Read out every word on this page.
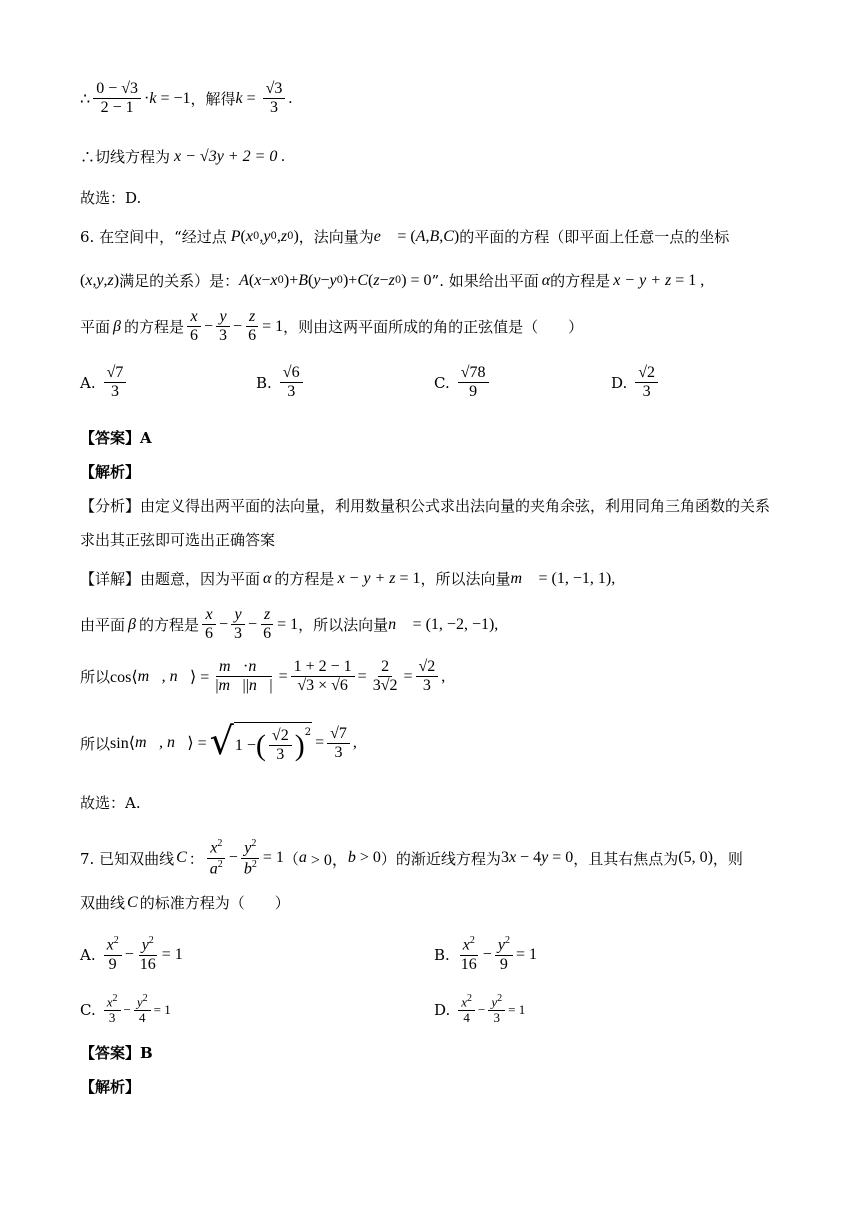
∴ $\frac{0 - √3}{2 - 1} \cdot k = -1$ ，解得 $k = \frac{√3}{3}$ .
∴切线方程为 x − √3y + 2 = 0 .
故选：D.
6. 在空间中，“经过点 P ( x 0 , y 0 , z 0 ) ，法向量为 e⃗ = ( A , B , C ) 的平面的方程（即平面上任意一点的坐标
( x , y , z ) 满足的关系）是： A ( x − x 0 )+ B ( y − y 0 )+ C ( z − z 0 ) = 0 ”. 如果给出平面 α 的方程是 x − y + z = 1 ,
平面 β 的方程是 $\frac{x}{6} - \frac{y}{3} - \frac{z}{6} = 1$ ，则由这两平面所成的角的正弦值是（　　）
A. $\frac{√7}{3}$	B. $\frac{√6}{3}$	C. $\frac{√78}{9}$	D. $\frac{√2}{3}$
【答案】A
【解析】
【分析】由定义得出两平面的法向量，利用数量积公式求出法向量的夹角余弦，利用同角三角函数的关系
求出其正弦即可选出正确答案
【详解】由题意，因为平面 α 的方程是 x − y + z = 1 ，所以法向量 m⃗ = (1, −1, 1),
由平面 β 的方程是 $\frac{x}{6} - \frac{y}{3} - \frac{z}{6} = 1$ ，所以法向量 n⃗ = (1, −2, −1),
所以 cos⟨ m⃗, n⃗ ⟩ = $\frac{m⃗\cdot n⃗}{|m⃗||n⃗|} = \frac{1 + 2 - 1}{√3 \times √6} = \frac{2}{3√2} = \frac{√2}{3}$ ,
所以 sin⟨ m⃗, n⃗ ⟩ = √ 1 − ( $\frac{√2}{3} )^2$
= $\frac{√7}{3}$ ,
故选：A.
7. 已知双曲线 C ： $\frac{x^2}{a^2} - \frac{y^2}{b^2} = 1$ （ a > 0， b > 0 ）的渐近线方程为 3 x − 4 y = 0 ，且其右焦点为 (5, 0) ，则
双曲线 C 的标准方程为（　　）
A. $\frac{x^2}{9} - \frac{y^2}{16} = 1$	B. $\frac{x^2}{16} - \frac{y^2}{9} = 1$
C. $\frac{x^2}{3} - \frac{y^2}{4} = 1$	D. $\frac{x^2}{4} - \frac{y^2}{3} = 1$
【答案】B
【解析】
